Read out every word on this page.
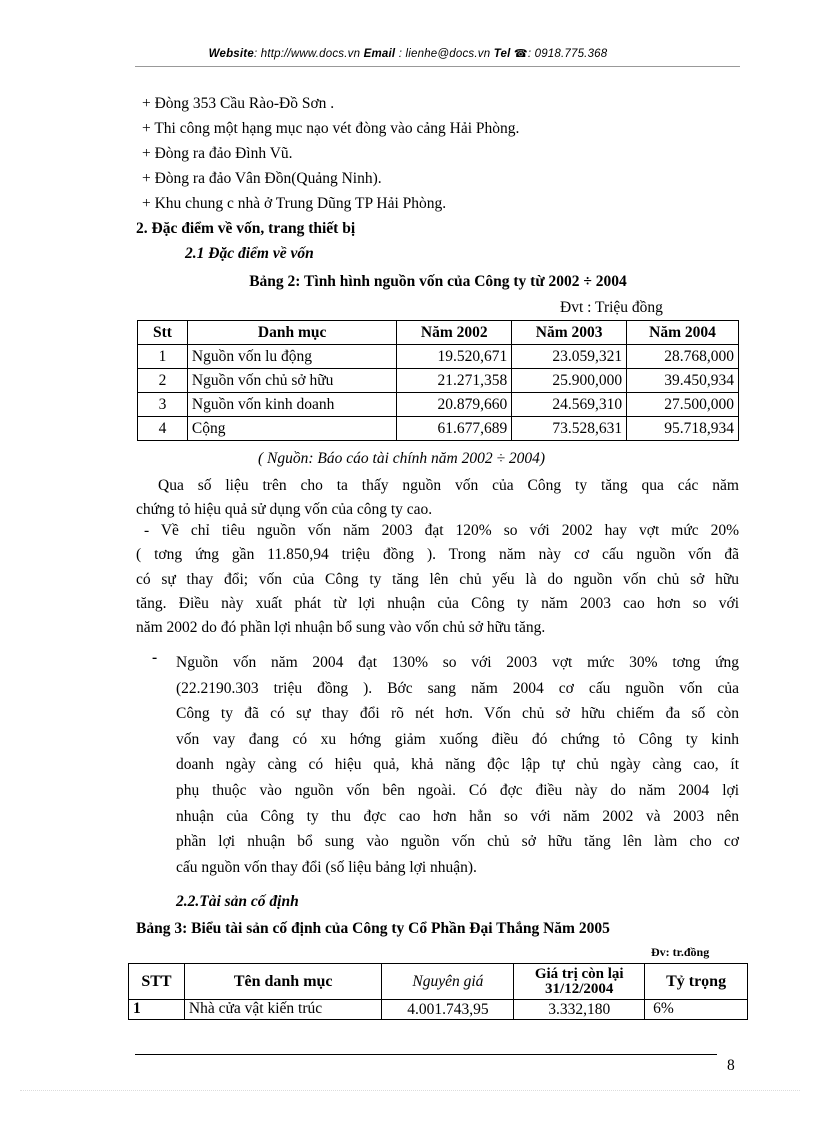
Website: http://www.docs.vn Email : lienhe@docs.vn Tel ☎: 0918.775.368
+ Đòng 353 Cầu Rào-Đồ Sơn .
+ Thi công một hạng mục nạo vét đòng vào cảng Hải Phòng.
+ Đòng ra đảo Đình Vũ.
+ Đòng ra đảo Vân Đồn(Quảng Ninh).
+ Khu chung c nhà ở Trung Dũng TP Hải Phòng.
2. Đặc điểm về vốn, trang thiết bị
2.1 Đặc điểm về vốn
Bảng 2: Tình hình nguồn vốn của Công ty từ 2002 ÷ 2004
Đvt : Triệu đồng
Stt	Danh mục	Năm 2002	Năm 2003	Năm 2004
1	Nguồn vốn lu động	19.520,671	23.059,321	28.768,000
2	Nguồn vốn chủ sở hữu	21.271,358	25.900,000	39.450,934
3	Nguồn vốn kinh doanh	20.879,660	24.569,310	27.500,000
4	Cộng	61.677,689	73.528,631	95.718,934
( Nguồn: Báo cáo tài chính năm 2002 ÷ 2004)
Qua số liệu trên cho ta thấy nguồn vốn của Công ty tăng qua các năm
chứng tỏ hiệu quả sử dụng vốn của công ty cao.
- Về chỉ tiêu nguồn vốn năm 2003 đạt 120% so với 2002 hay vợt mức 20%
( tơng ứng gần 11.850,94 triệu đồng ). Trong năm này cơ cấu nguồn vốn đã
có sự thay đổi; vốn của Công ty tăng lên chủ yếu là do nguồn vốn chủ sở hữu
tăng. Điều này xuất phát từ lợi nhuận của Công ty năm 2003 cao hơn so với
năm 2002 do đó phần lợi nhuận bổ sung vào vốn chủ sở hữu tăng.
- Nguồn vốn năm 2004 đạt 130% so với 2003 vợt mức 30% tơng ứng
(22.2190.303 triệu đồng ). Bớc sang năm 2004 cơ cấu nguồn vốn của
Công ty đã có sự thay đổi rõ nét hơn. Vốn chủ sở hữu chiếm đa số còn
vốn vay đang có xu hớng giảm xuống điều đó chứng tỏ Công ty kinh
doanh ngày càng có hiệu quả, khả năng độc lập tự chủ ngày càng cao, ít
phụ thuộc vào nguồn vốn bên ngoài. Có đợc điều này do năm 2004 lợi
nhuận của Công ty thu đợc cao hơn hẳn so với năm 2002 và 2003 nên
phần lợi nhuận bổ sung vào nguồn vốn chủ sở hữu tăng lên làm cho cơ
cấu nguồn vốn thay đổi (số liệu bảng lợi nhuận).
2.2.Tài sản cố định
Bảng 3: Biểu tài sản cố định của Công ty Cổ Phần Đại Thắng Năm 2005
Đv: tr.đồng
STT	Tên danh mục	Nguyên giá	Giá trị còn lại 31/12/2004	Tỷ trọng
1	Nhà cửa vật kiến trúc	4.001.743,95	3.332,180	6%
8
